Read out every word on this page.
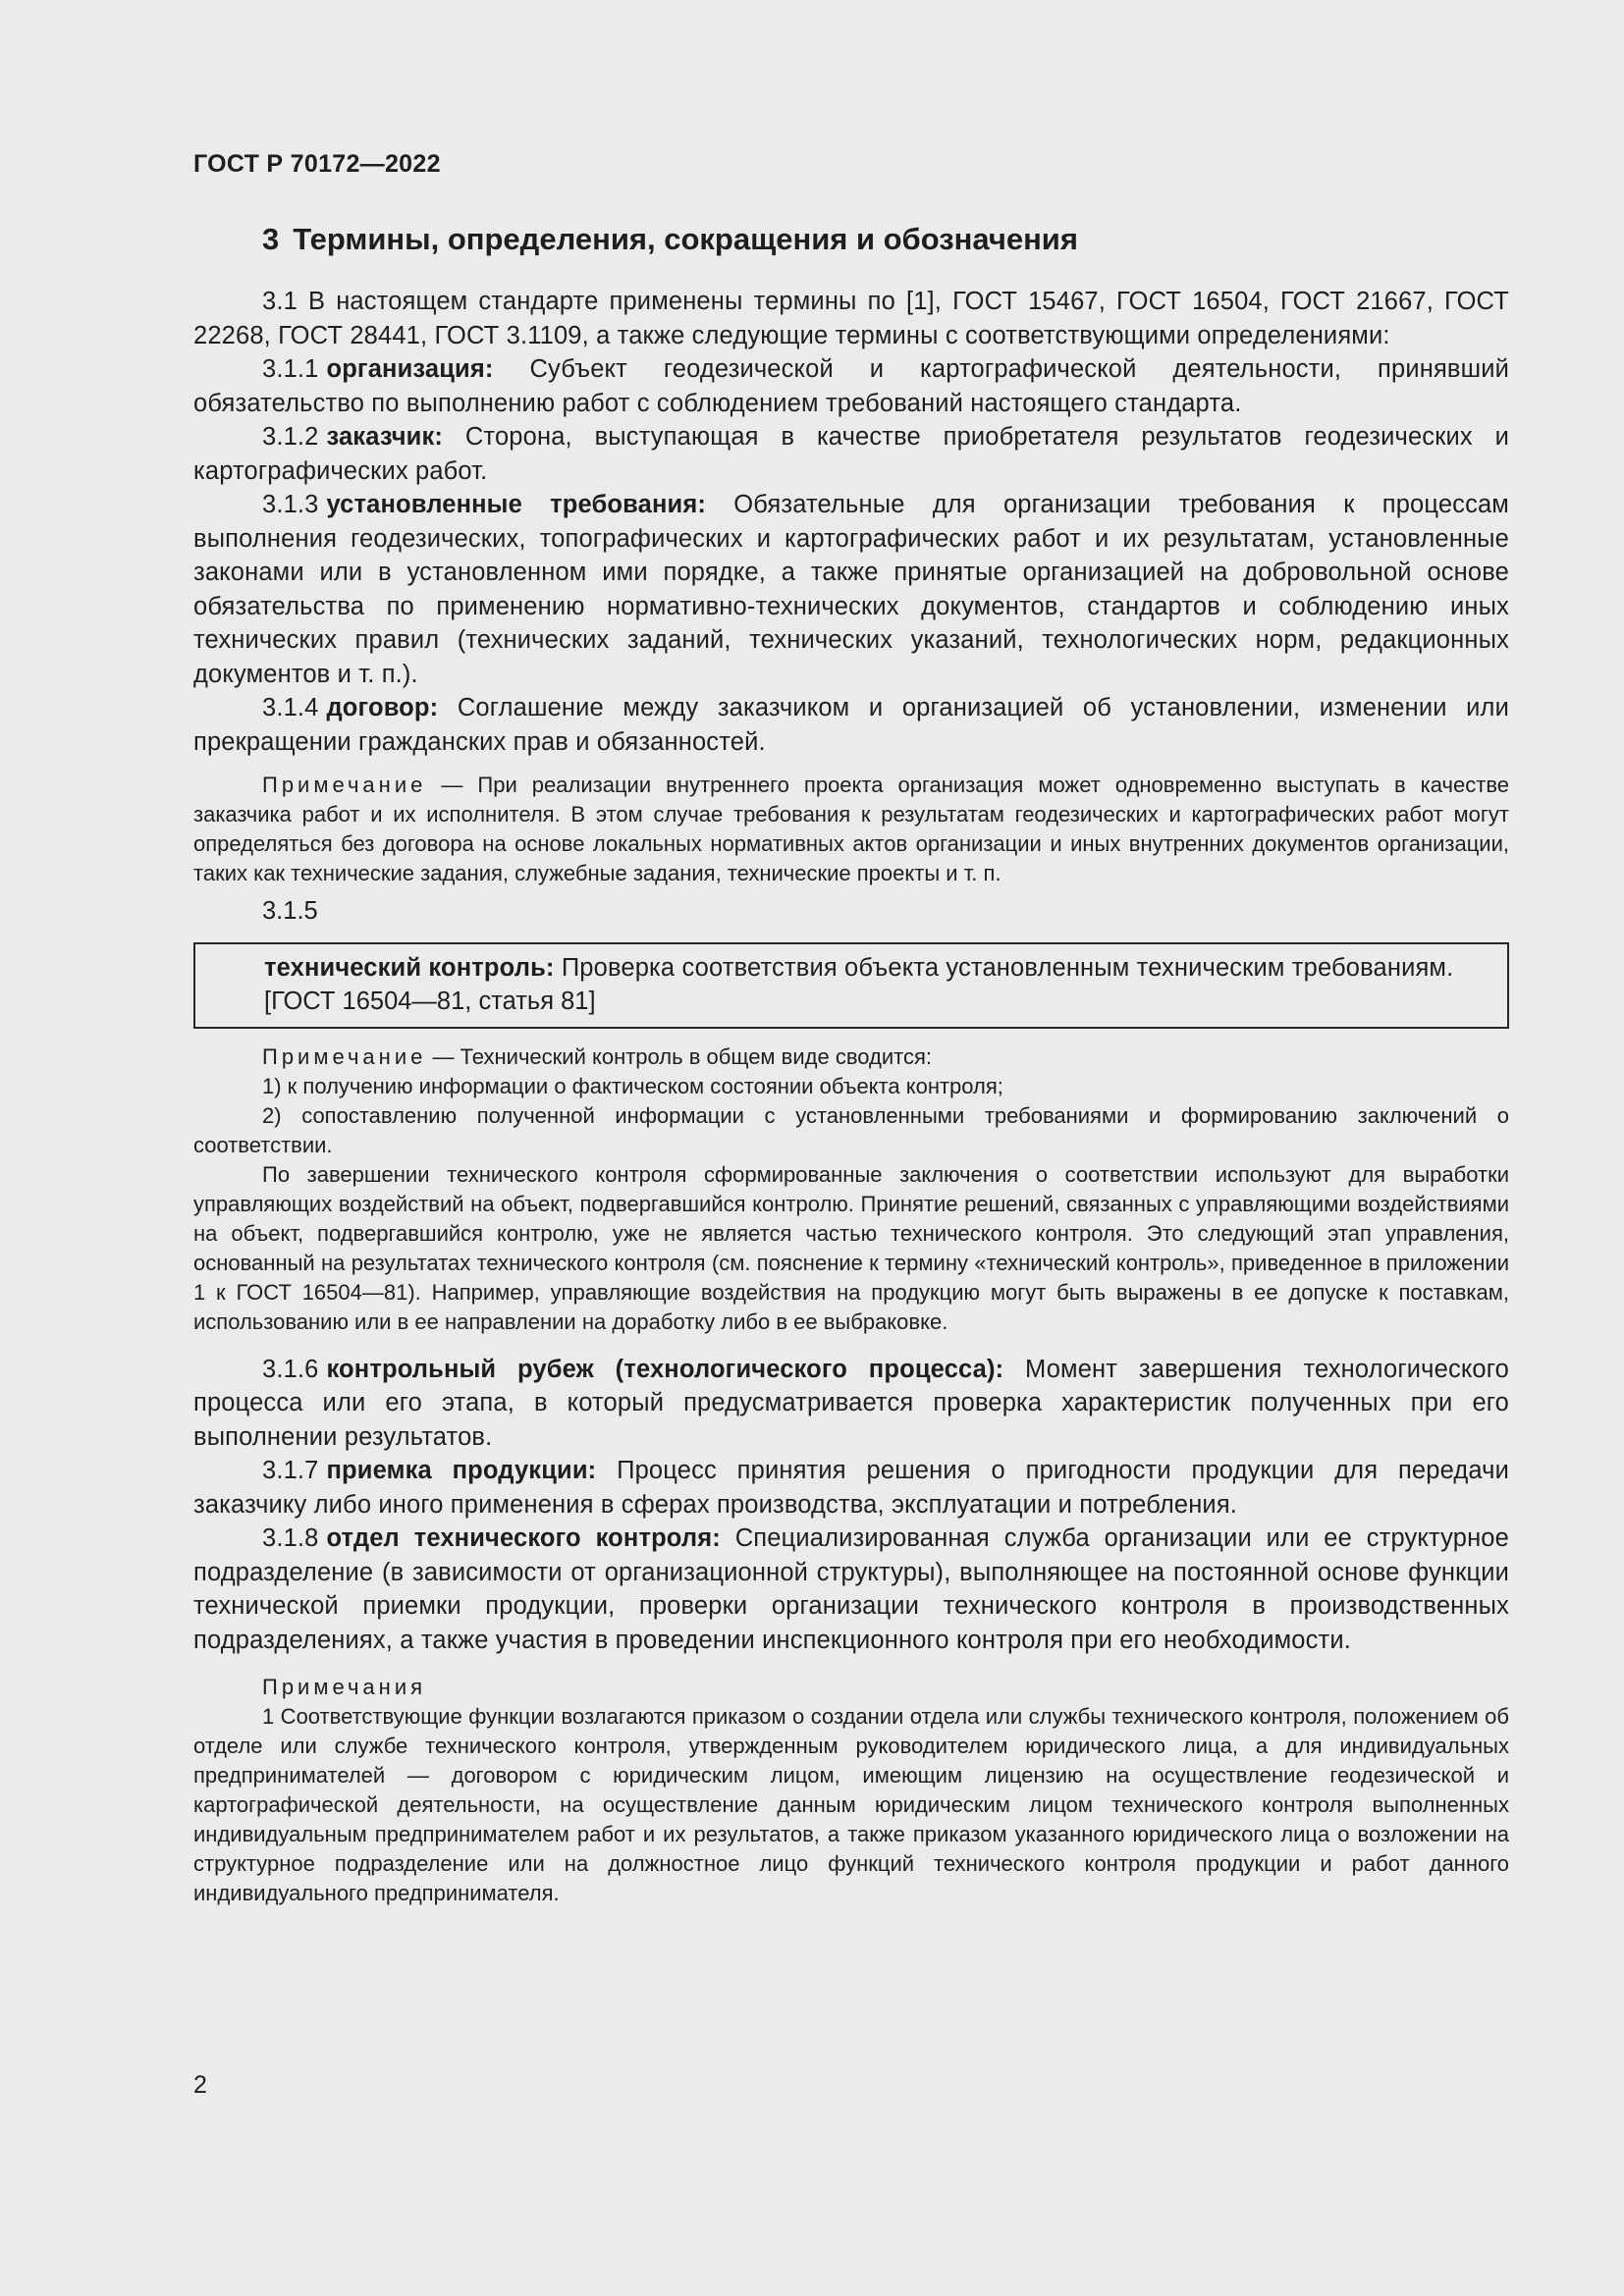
ГОСТ Р 70172—2022
3 Термины, определения, сокращения и обозначения

3.1 В настоящем стандарте применены термины по [1], ГОСТ 15467, ГОСТ 16504, ГОСТ 21667, ГОСТ 22268, ГОСТ 28441, ГОСТ 3.1109, а также следующие термины с соответствующими определениями:

3.1.1 организация: Субъект геодезической и картографической деятельности, принявший обязательство по выполнению работ с соблюдением требований настоящего стандарта.

3.1.2 заказчик: Сторона, выступающая в качестве приобретателя результатов геодезических и картографических работ.

3.1.3 установленные требования: Обязательные для организации требования к процессам выполнения геодезических, топографических и картографических работ и их результатам, установленные законами или в установленном ими порядке, а также принятые организацией на добровольной основе обязательства по применению нормативно-технических документов, стандартов и соблюдению иных технических правил (технических заданий, технических указаний, технологических норм, редакционных документов и т. п.).

3.1.4 договор: Соглашение между заказчиком и организацией об установлении, изменении или прекращении гражданских прав и обязанностей.

Примечание — При реализации внутреннего проекта организация может одновременно выступать в качестве заказчика работ и их исполнителя. В этом случае требования к результатам геодезических и картографических работ могут определяться без договора на основе локальных нормативных актов организации и иных внутренних документов организации, таких как технические задания, служебные задания, технические проекты и т. п.

3.1.5

технический контроль: Проверка соответствия объекта установленным техническим требованиям.

[ГОСТ 16504—81, статья 81]

Примечание — Технический контроль в общем виде сводится:

1) к получению информации о фактическом состоянии объекта контроля;

2) сопоставлению полученной информации с установленными требованиями и формированию заключений о соответствии.

По завершении технического контроля сформированные заключения о соответствии используют для выработки управляющих воздействий на объект, подвергавшийся контролю. Принятие решений, связанных с управляющими воздействиями на объект, подвергавшийся контролю, уже не является частью технического контроля. Это следующий этап управления, основанный на результатах технического контроля (см. пояснение к термину «технический контроль», приведенное в приложении 1 к ГОСТ 16504—81). Например, управляющие воздействия на продукцию могут быть выражены в ее допуске к поставкам, использованию или в ее направлении на доработку либо в ее выбраковке.

3.1.6 контрольный рубеж (технологического процесса): Момент завершения технологического процесса или его этапа, в который предусматривается проверка характеристик полученных при его выполнении результатов.

3.1.7 приемка продукции: Процесс принятия решения о пригодности продукции для передачи заказчику либо иного применения в сферах производства, эксплуатации и потребления.

3.1.8 отдел технического контроля: Специализированная служба организации или ее структурное подразделение (в зависимости от организационной структуры), выполняющее на постоянной основе функции технической приемки продукции, проверки организации технического контроля в производственных подразделениях, а также участия в проведении инспекционного контроля при его необходимости.

Примечания

1 Соответствующие функции возлагаются приказом о создании отдела или службы технического контроля, положением об отделе или службе технического контроля, утвержденным руководителем юридического лица, а для индивидуальных предпринимателей — договором с юридическим лицом, имеющим лицензию на осуществление геодезической и картографической деятельности, на осуществление данным юридическим лицом технического контроля выполненных индивидуальным предпринимателем работ и их результатов, а также приказом указанного юридического лица о возложении на структурное подразделение или на должностное лицо функций технического контроля продукции и работ данного индивидуального предпринимателя.

2
